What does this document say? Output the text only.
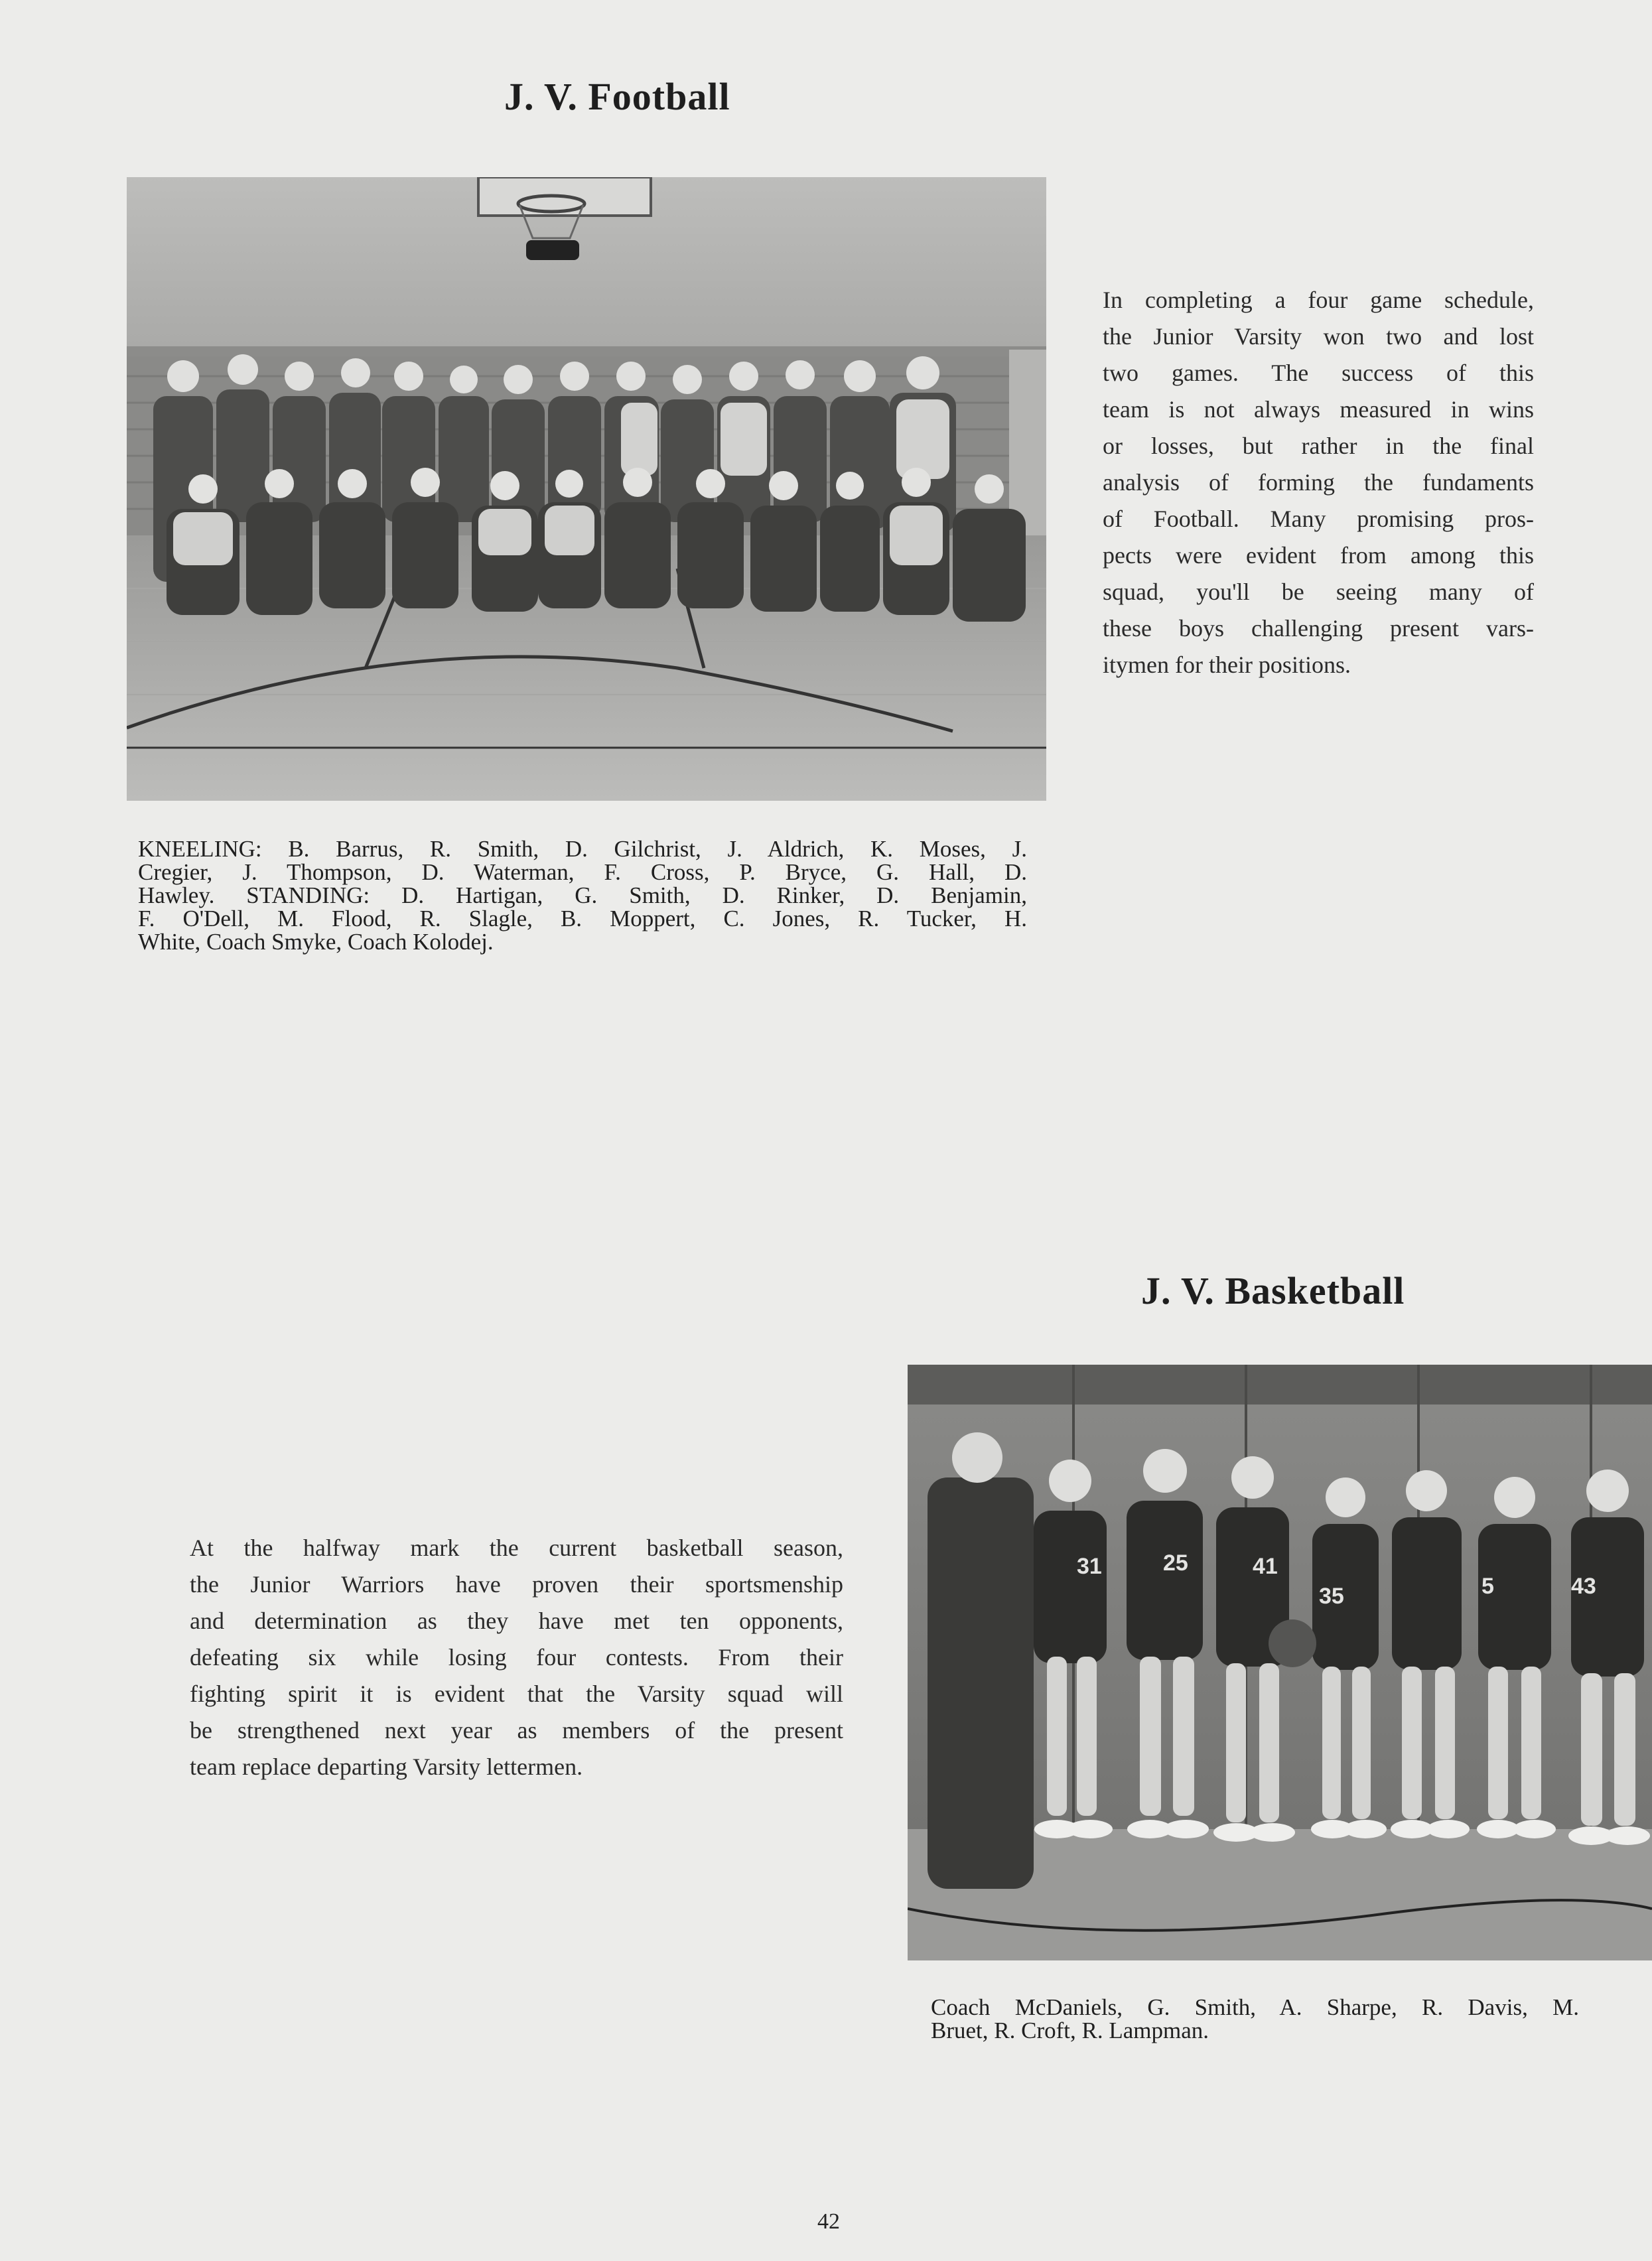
J. V. Football
In completing a four game schedule,
the Junior Varsity won two and lost
two games. The success of this
team is not always measured in wins
or losses, but rather in the final
analysis of forming the fundaments
of Football. Many promising pros-
pects were evident from among this
squad, you'll be seeing many of
these boys challenging present vars-
itymen for their positions.
KNEELING: B. Barrus, R. Smith, D. Gilchrist, J. Aldrich, K. Moses, J.
Cregier, J. Thompson, D. Waterman, F. Cross, P. Bryce, G. Hall, D.
Hawley. STANDING: D. Hartigan, G. Smith, D. Rinker, D. Benjamin,
F. O'Dell, M. Flood, R. Slagle, B. Moppert, C. Jones, R. Tucker, H.
White, Coach Smyke, Coach Kolodej.
J. V. Basketball
31	25	41
35	5	43
At the halfway mark the current basketball season,
the Junior Warriors have proven their sportsmenship
and determination as they have met ten opponents,
defeating six while losing four contests. From their
fighting spirit it is evident that the Varsity squad will
be strengthened next year as members of the present
team replace departing Varsity lettermen.
Coach McDaniels, G. Smith, A. Sharpe, R. Davis, M.
Bruet, R. Croft, R. Lampman.
42
